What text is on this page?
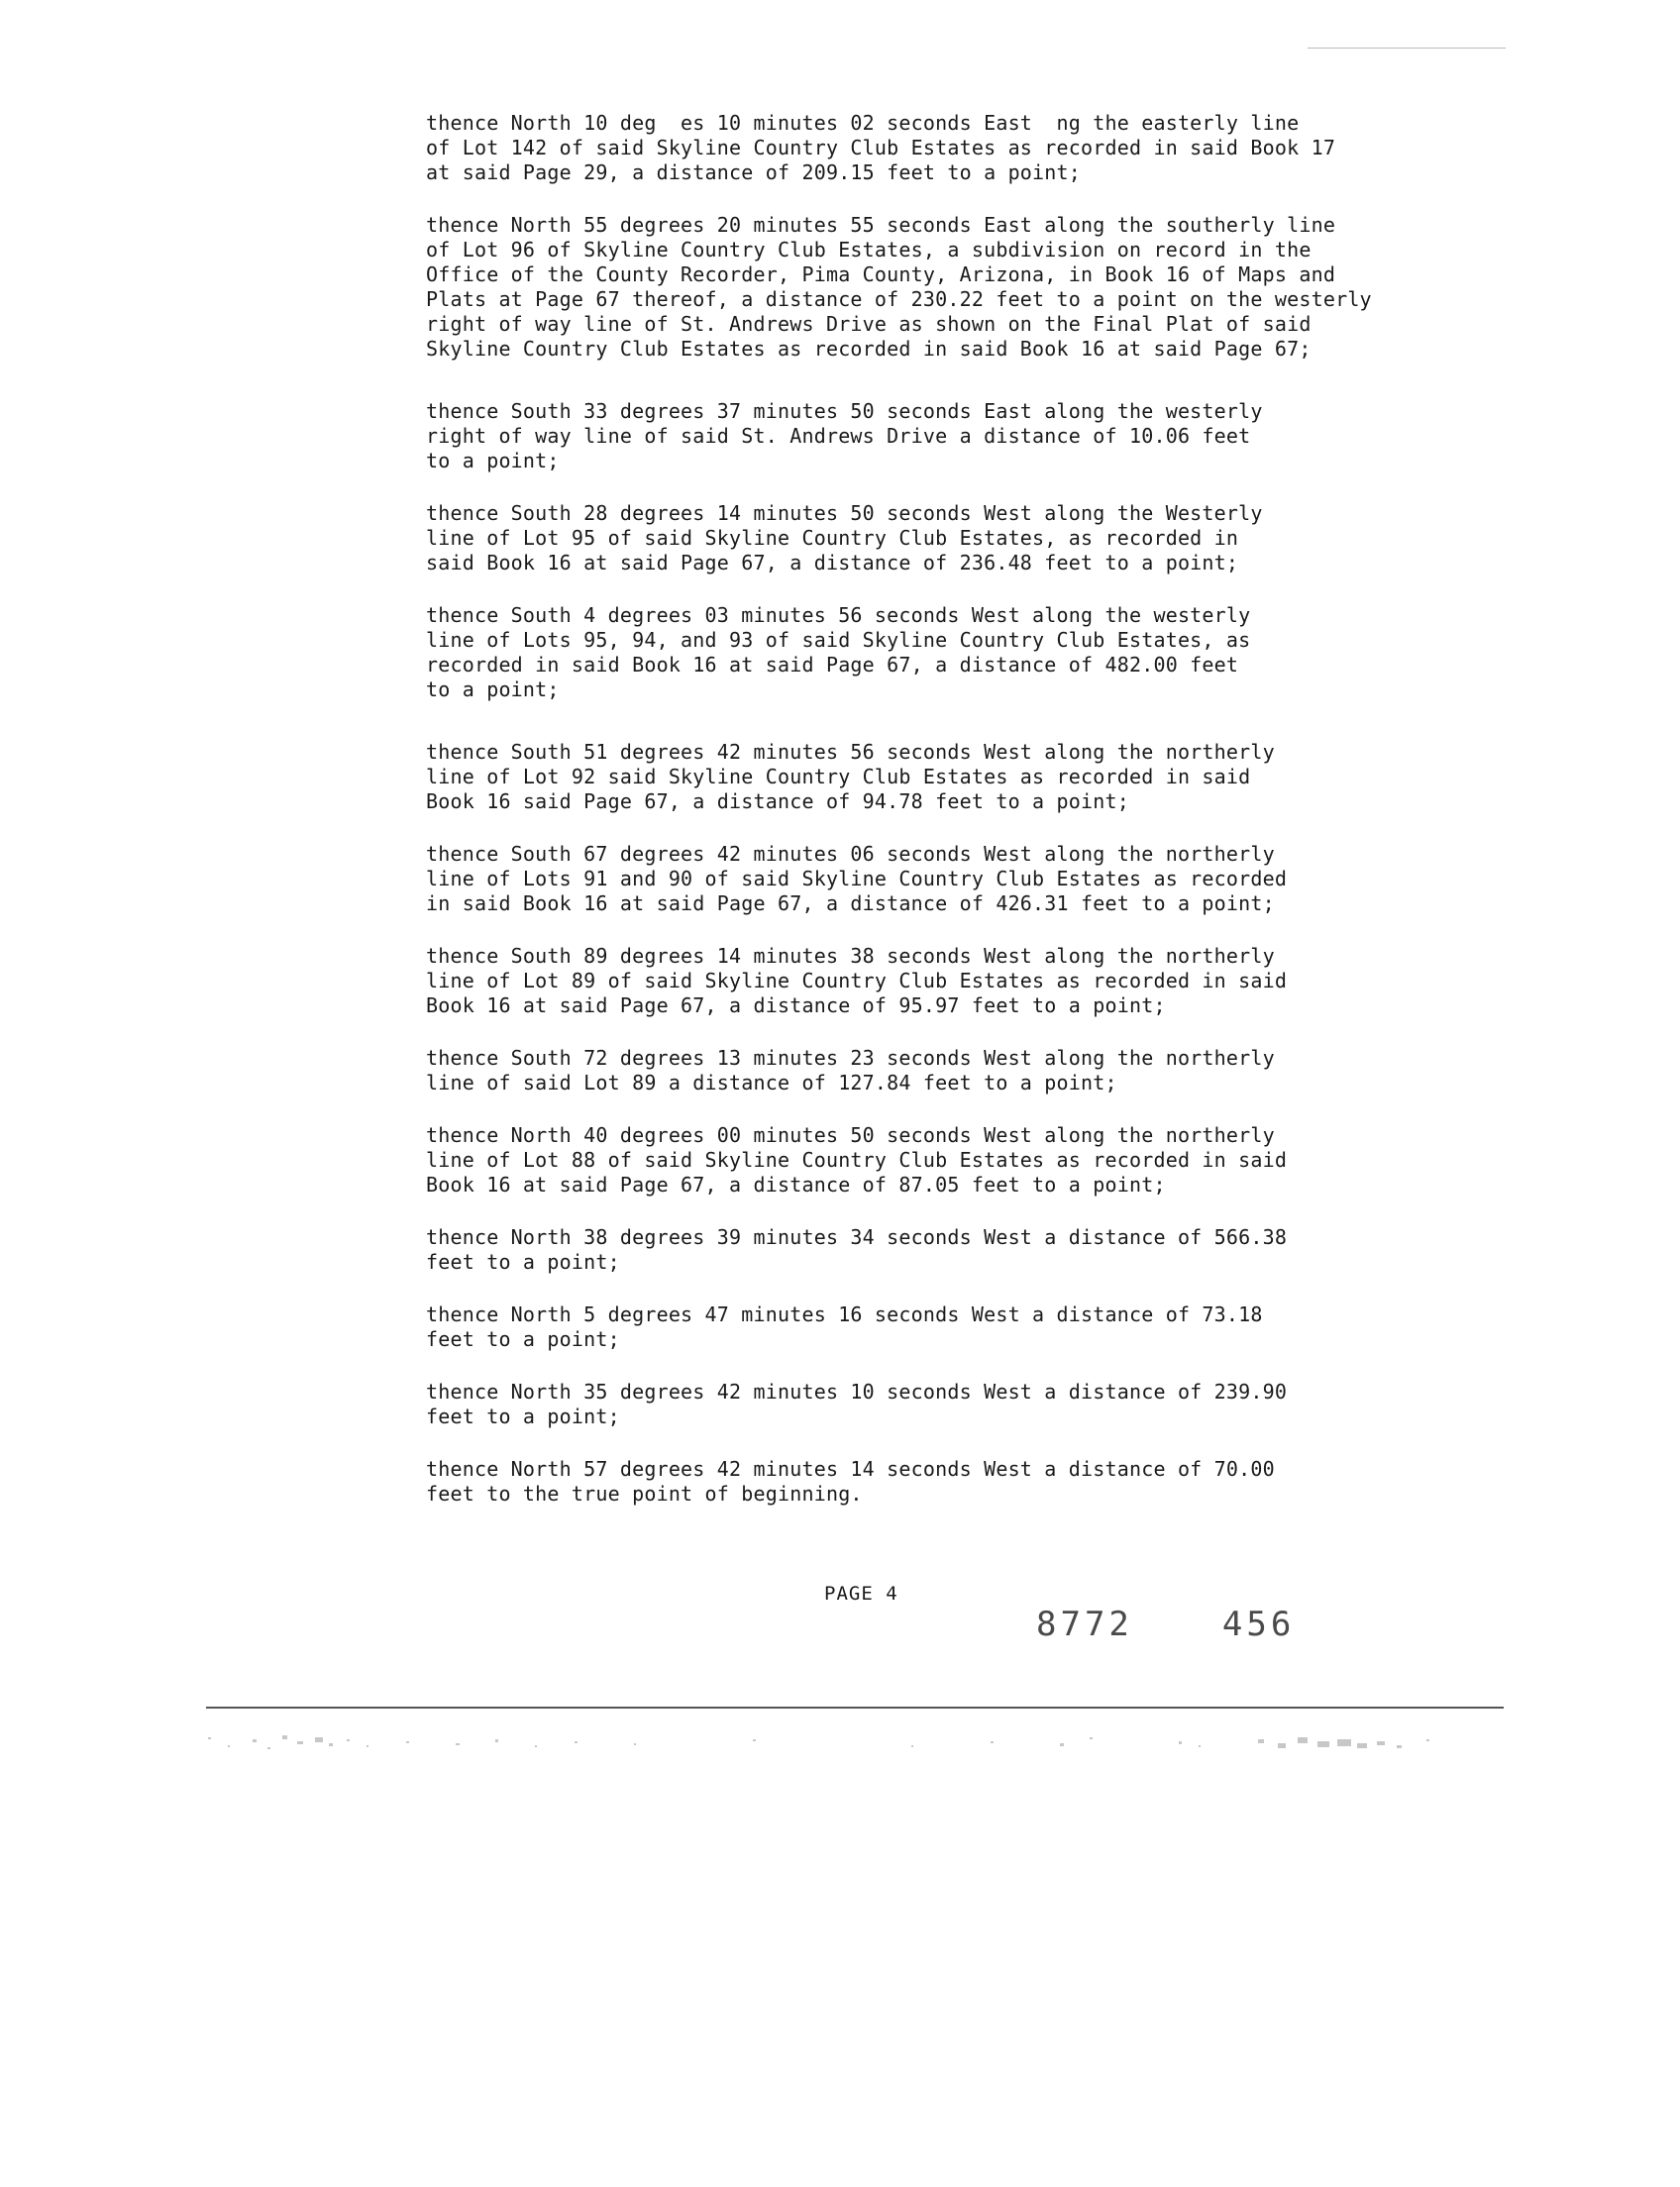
thence North 10 deg  es 10 minutes 02 seconds East  ng the easterly line
of Lot 142 of said Skyline Country Club Estates as recorded in said Book 17
at said Page 29, a distance of 209.15 feet to a point;

thence North 55 degrees 20 minutes 55 seconds East along the southerly line
of Lot 96 of Skyline Country Club Estates, a subdivision on record in the
Office of the County Recorder, Pima County, Arizona, in Book 16 of Maps and
Plats at Page 67 thereof, a distance of 230.22 feet to a point on the westerly
right of way line of St. Andrews Drive as shown on the Final Plat of said
Skyline Country Club Estates as recorded in said Book 16 at said Page 67;

thence South 33 degrees 37 minutes 50 seconds East along the westerly
right of way line of said St. Andrews Drive a distance of 10.06 feet
to a point;

thence South 28 degrees 14 minutes 50 seconds West along the Westerly
line of Lot 95 of said Skyline Country Club Estates, as recorded in
said Book 16 at said Page 67, a distance of 236.48 feet to a point;

thence South 4 degrees 03 minutes 56 seconds West along the westerly
line of Lots 95, 94, and 93 of said Skyline Country Club Estates, as
recorded in said Book 16 at said Page 67, a distance of 482.00 feet
to a point;

thence South 51 degrees 42 minutes 56 seconds West along the northerly
line of Lot 92 said Skyline Country Club Estates as recorded in said
Book 16 said Page 67, a distance of 94.78 feet to a point;

thence South 67 degrees 42 minutes 06 seconds West along the northerly
line of Lots 91 and 90 of said Skyline Country Club Estates as recorded
in said Book 16 at said Page 67, a distance of 426.31 feet to a point;

thence South 89 degrees 14 minutes 38 seconds West along the northerly
line of Lot 89 of said Skyline Country Club Estates as recorded in said
Book 16 at said Page 67, a distance of 95.97 feet to a point;

thence South 72 degrees 13 minutes 23 seconds West along the northerly
line of said Lot 89 a distance of 127.84 feet to a point;

thence North 40 degrees 00 minutes 50 seconds West along the northerly
line of Lot 88 of said Skyline Country Club Estates as recorded in said
Book 16 at said Page 67, a distance of 87.05 feet to a point;

thence North 38 degrees 39 minutes 34 seconds West a distance of 566.38
feet to a point;

thence North 5 degrees 47 minutes 16 seconds West a distance of 73.18
feet to a point;

thence North 35 degrees 42 minutes 10 seconds West a distance of 239.90
feet to a point;

thence North 57 degrees 42 minutes 14 seconds West a distance of 70.00
feet to the true point of beginning.

PAGE 4
8772	456
